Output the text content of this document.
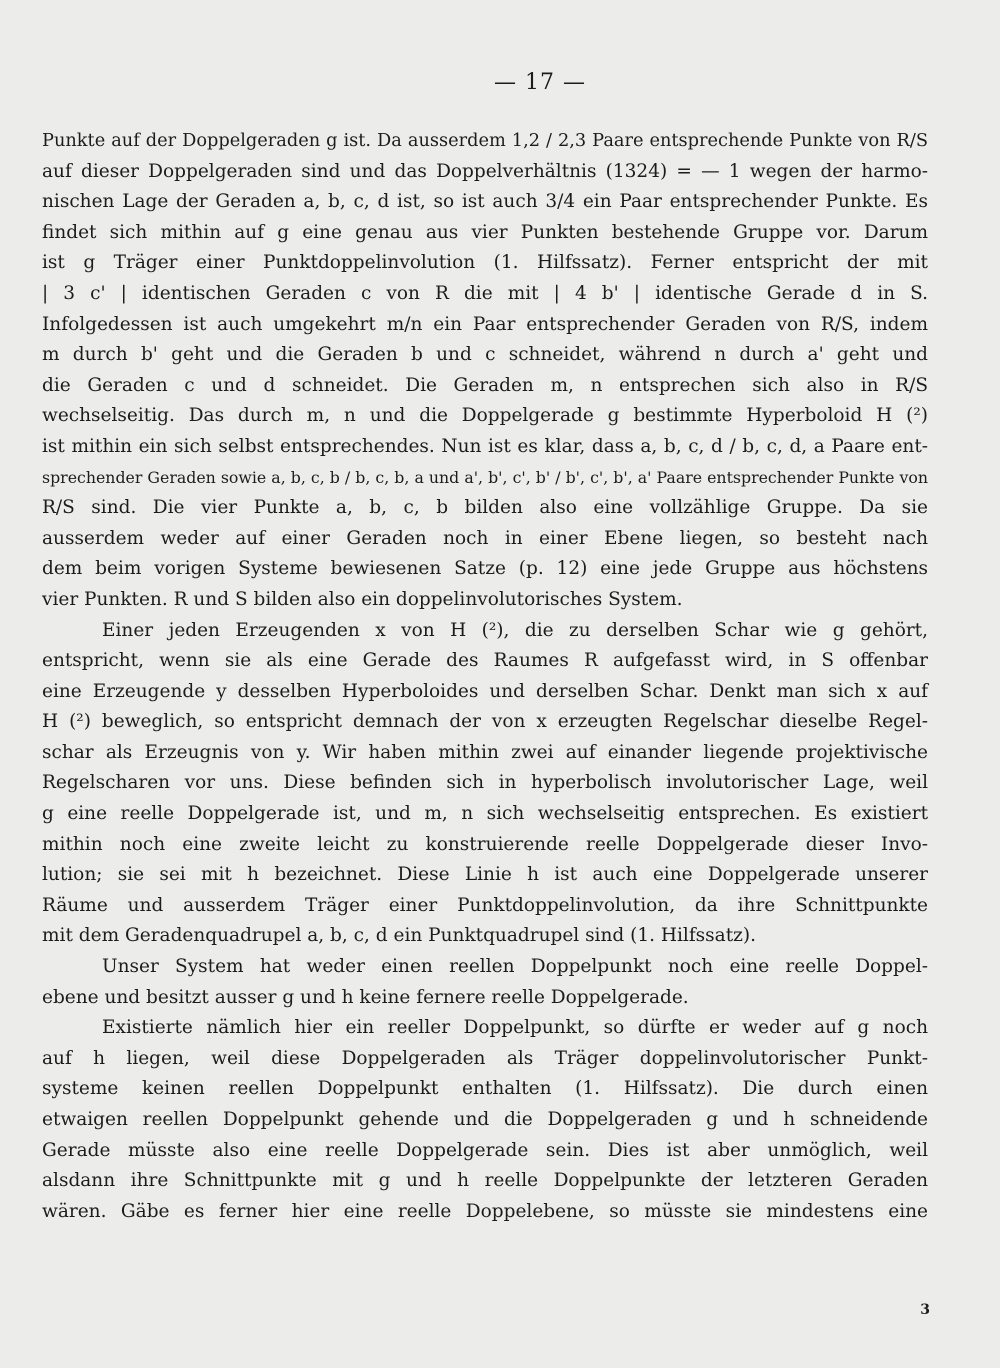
— 17 —
Punkte auf der Doppelgeraden g ist. Da ausserdem 1,2 / 2,3 Paare entsprechende Punkte von R/S
auf dieser Doppelgeraden sind und das Doppelverhältnis (1324) = — 1 wegen der harmo-
nischen Lage der Geraden a, b, c, d ist, so ist auch 3/4 ein Paar entsprechender Punkte. Es
findet sich mithin auf g eine genau aus vier Punkten bestehende Gruppe vor. Darum
ist g Träger einer Punktdoppelinvolution (1. Hilfssatz). Ferner entspricht der mit
| 3 c' | identischen Geraden c von R die mit | 4 b' | identische Gerade d in S.
Infolgedessen ist auch umgekehrt m/n ein Paar entsprechender Geraden von R/S, indem
m durch b' geht und die Geraden b und c schneidet, während n durch a' geht und
die Geraden c und d schneidet. Die Geraden m, n entsprechen sich also in R/S
wechselseitig. Das durch m, n und die Doppelgerade g bestimmte Hyperboloid H (²)
ist mithin ein sich selbst entsprechendes. Nun ist es klar, dass a, b, c, d / b, c, d, a Paare ent-
sprechender Geraden sowie a, b, c, b / b, c, b, a und a', b', c', b' / b', c', b', a' Paare entsprechender Punkte von
R/S sind. Die vier Punkte a, b, c, b bilden also eine vollzählige Gruppe. Da sie
ausserdem weder auf einer Geraden noch in einer Ebene liegen, so besteht nach
dem beim vorigen Systeme bewiesenen Satze (p. 12) eine jede Gruppe aus höchstens
vier Punkten. R und S bilden also ein doppelinvolutorisches System.
Einer jeden Erzeugenden x von H (²), die zu derselben Schar wie g gehört,
entspricht, wenn sie als eine Gerade des Raumes R aufgefasst wird, in S offenbar
eine Erzeugende y desselben Hyperboloides und derselben Schar. Denkt man sich x auf
H (²) beweglich, so entspricht demnach der von x erzeugten Regelschar dieselbe Regel-
schar als Erzeugnis von y. Wir haben mithin zwei auf einander liegende projektivische
Regelscharen vor uns. Diese befinden sich in hyperbolisch involutorischer Lage, weil
g eine reelle Doppelgerade ist, und m, n sich wechselseitig entsprechen. Es existiert
mithin noch eine zweite leicht zu konstruierende reelle Doppelgerade dieser Invo-
lution; sie sei mit h bezeichnet. Diese Linie h ist auch eine Doppelgerade unserer
Räume und ausserdem Träger einer Punktdoppelinvolution, da ihre Schnittpunkte
mit dem Geradenquadrupel a, b, c, d ein Punktquadrupel sind (1. Hilfssatz).
Unser System hat weder einen reellen Doppelpunkt noch eine reelle Doppel-
ebene und besitzt ausser g und h keine fernere reelle Doppelgerade.
Existierte nämlich hier ein reeller Doppelpunkt, so dürfte er weder auf g noch
auf h liegen, weil diese Doppelgeraden als Träger doppelinvolutorischer Punkt-
systeme keinen reellen Doppelpunkt enthalten (1. Hilfssatz). Die durch einen
etwaigen reellen Doppelpunkt gehende und die Doppelgeraden g und h schneidende
Gerade müsste also eine reelle Doppelgerade sein. Dies ist aber unmöglich, weil
alsdann ihre Schnittpunkte mit g und h reelle Doppelpunkte der letzteren Geraden
wären. Gäbe es ferner hier eine reelle Doppelebene, so müsste sie mindestens eine
3
